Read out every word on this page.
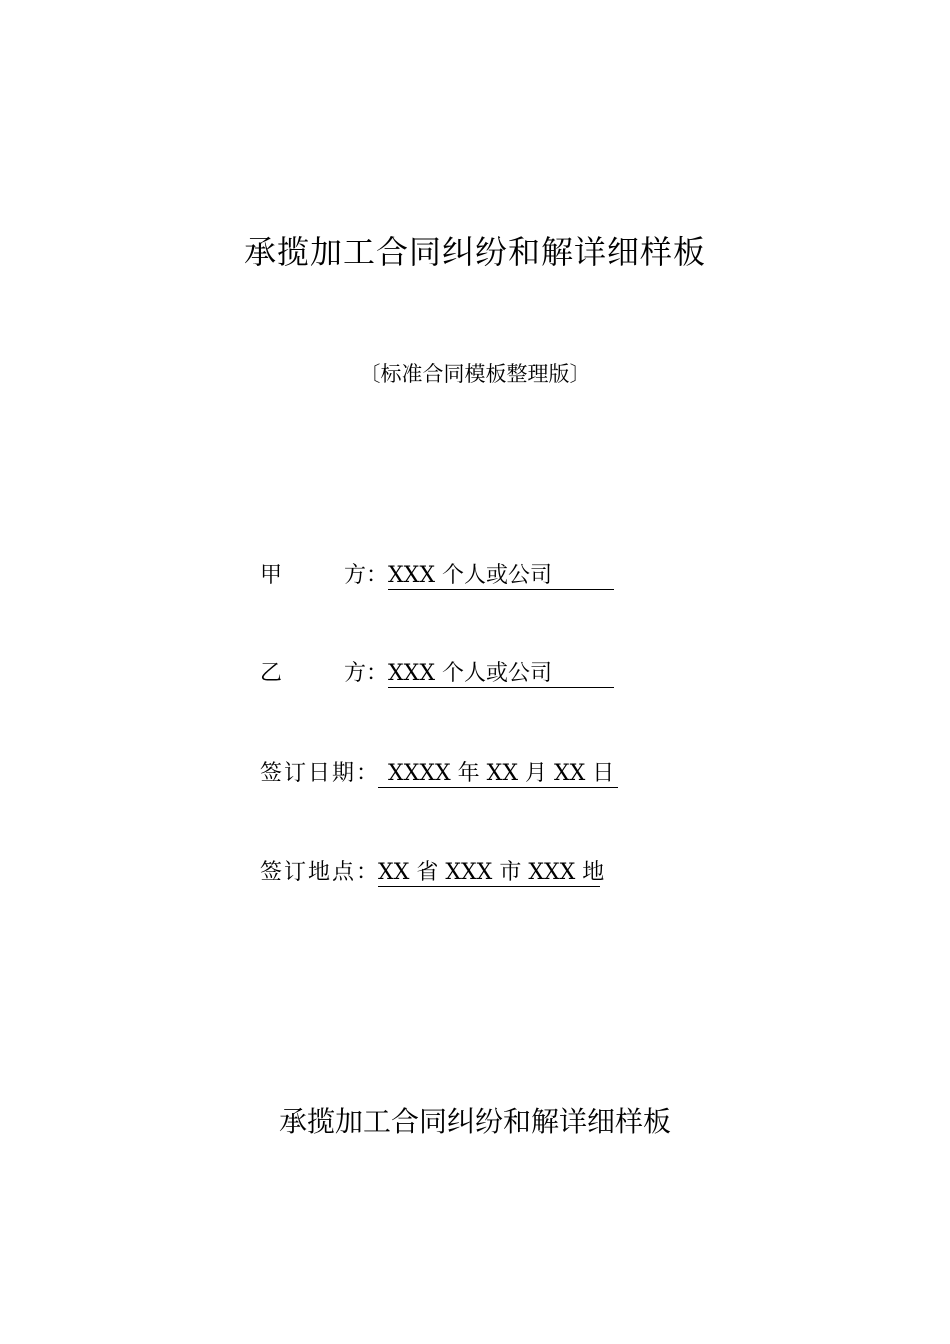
承揽加工合同纠纷和解详细样板
〔标准合同模板整理版〕
甲	方 ： XXX 个人或公司
乙	方 ： XXX 个人或公司
签订日期 ： XXXX 年 XX 月 XX 日
签订地点 ： XX 省 XXX 市 XXX 地
承揽加工合同纠纷和解详细样板
